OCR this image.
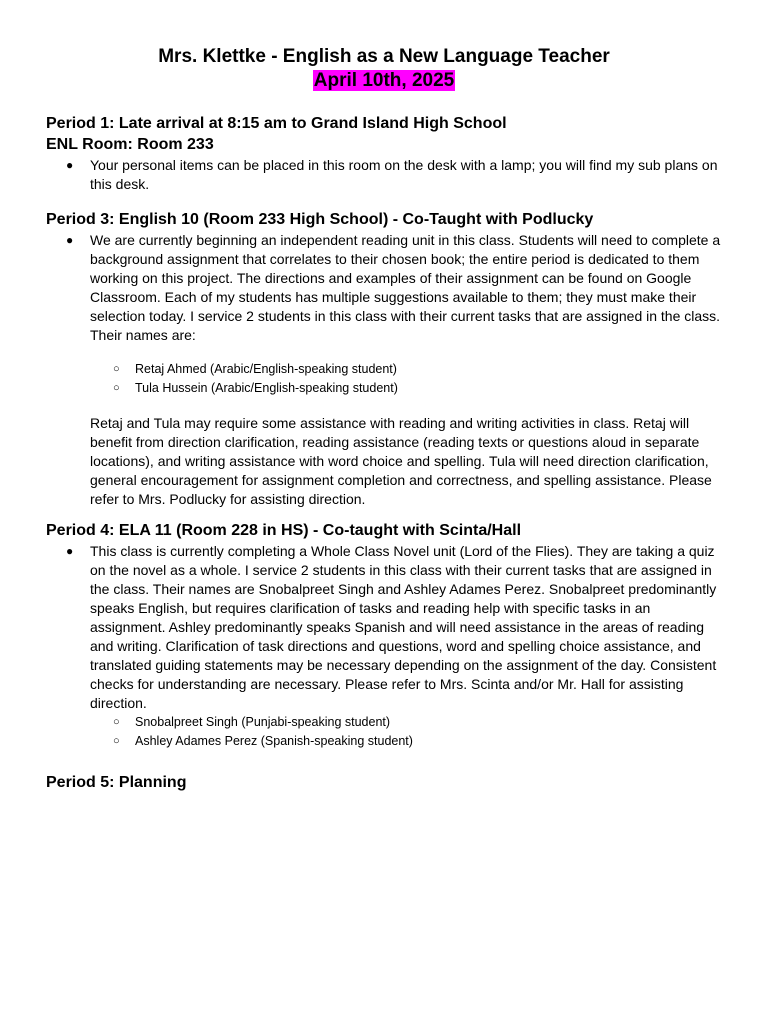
Mrs. Klettke - English as a New Language Teacher

April 10th, 2025

Period 1: Late arrival at 8:15 am to Grand Island High School
ENL Room: Room 233
● Your personal items can be placed in this room on the desk with a lamp; you will find my sub plans on this desk.
Period 3: English 10 (Room 233 High School) - Co-Taught with Podlucky
● We are currently beginning an independent reading unit in this class. Students will need to complete a background assignment that correlates to their chosen book; the entire period is dedicated to them working on this project. The directions and examples of their assignment can be found on Google Classroom. Each of my students has multiple suggestions available to them; they must make their selection today. I service 2 students in this class with their current tasks that are assigned in the class. Their names are:
○ Retaj Ahmed (Arabic/English-speaking student)
○ Tula Hussein (Arabic/English-speaking student)

Retaj and Tula may require some assistance with reading and writing activities in class. Retaj will benefit from direction clarification, reading assistance (reading texts or questions aloud in separate locations), and writing assistance with word choice and spelling. Tula will need direction clarification, general encouragement for assignment completion and correctness, and spelling assistance. Please refer to Mrs. Podlucky for assisting direction.

Period 4: ELA 11 (Room 228 in HS) - Co-taught with Scinta/Hall
● This class is currently completing a Whole Class Novel unit (Lord of the Flies). They are taking a quiz on the novel as a whole. I service 2 students in this class with their current tasks that are assigned in the class. Their names are Snobalpreet Singh and Ashley Adames Perez. Snobalpreet predominantly speaks English, but requires clarification of tasks and reading help with specific tasks in an assignment. Ashley predominantly speaks Spanish and will need assistance in the areas of reading and writing. Clarification of task directions and questions, word and spelling choice assistance, and translated guiding statements may be necessary depending on the assignment of the day. Consistent checks for understanding are necessary. Please refer to Mrs. Scinta and/or Mr. Hall for assisting direction.
○ Snobalpreet Singh (Punjabi-speaking student)
○ Ashley Adames Perez (Spanish-speaking student)
Period 5: Planning
